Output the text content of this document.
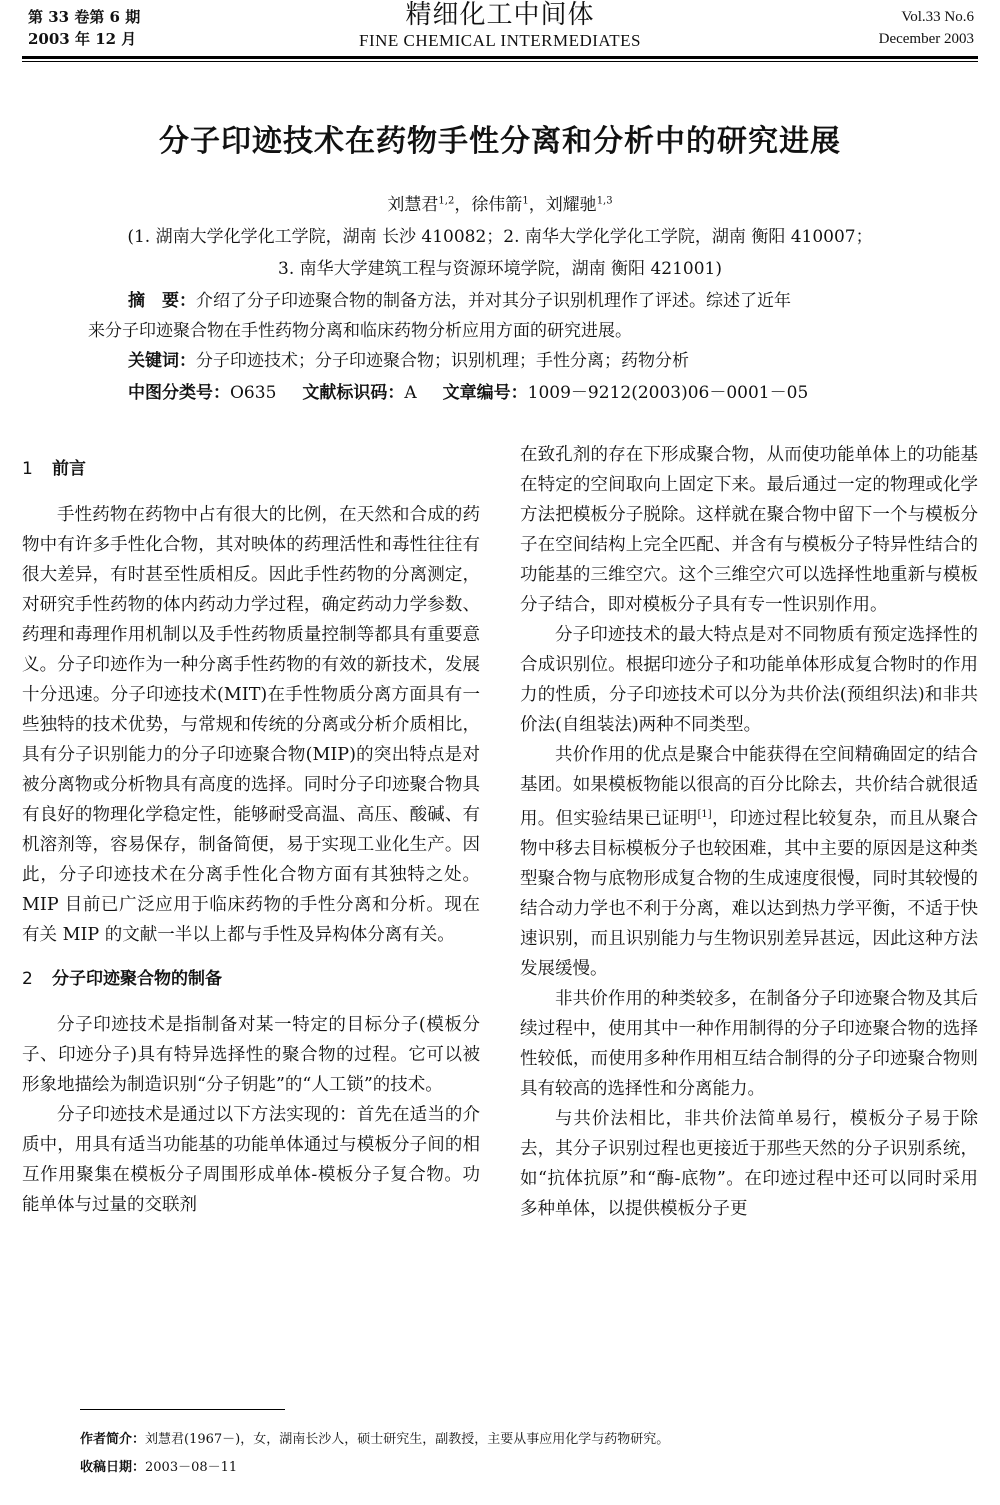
第 33 卷第 6 期
2003 年 12 月
精细化工中间体
FINE CHEMICAL INTERMEDIATES
Vol.33 No.6
December 2003
分子印迹技术在药物手性分离和分析中的研究进展
刘慧君$^{1,2}$，徐伟箭$^1$，刘耀驰$^{1,3}$
(1. 湖南大学化学化工学院，湖南 长沙 410082；2. 南华大学化学化工学院，湖南 衡阳 410007；
3. 南华大学建筑工程与资源环境学院，湖南 衡阳 421001)
摘　要：介绍了分子印迹聚合物的制备方法，并对其分子识别机理作了评述。综述了近年
来分子印迹聚合物在手性药物分离和临床药物分析应用方面的研究进展。
关键词：分子印迹技术；分子印迹聚合物；识别机理；手性分离；药物分析
中图分类号：O635 文献标识码：A 文章编号：1009－9212(2003)06－0001－05
1 前言

手性药物在药物中占有很大的比例，在天然和合成的药物中有许多手性化合物，其对映体的药理活性和毒性往往有很大差异，有时甚至性质相反。因此手性药物的分离测定，对研究手性药物的体内药动力学过程，确定药动力学参数、药理和毒理作用机制以及手性药物质量控制等都具有重要意义。分子印迹作为一种分离手性药物的有效的新技术，发展十分迅速。分子印迹技术(MIT)在手性物质分离方面具有一些独特的技术优势，与常规和传统的分离或分析介质相比，具有分子识别能力的分子印迹聚合物(MIP)的突出特点是对被分离物或分析物具有高度的选择。同时分子印迹聚合物具有良好的物理化学稳定性，能够耐受高温、高压、酸碱、有机溶剂等，容易保存，制备简便，易于实现工业化生产。因此，分子印迹技术在分离手性化合物方面有其独特之处。MIP 目前已广泛应用于临床药物的手性分离和分析。现在有关 MIP 的文献一半以上都与手性及异构体分离有关。

2 分子印迹聚合物的制备

分子印迹技术是指制备对某一特定的目标分子(模板分子、印迹分子)具有特异选择性的聚合物的过程。它可以被形象地描绘为制造识别“分子钥匙”的“人工锁”的技术。

分子印迹技术是通过以下方法实现的：首先在适当的介质中，用具有适当功能基的功能单体通过与模板分子间的相互作用聚集在模板分子周围形成单体-模板分子复合物。功能单体与过量的交联剂

在致孔剂的存在下形成聚合物，从而使功能单体上的功能基在特定的空间取向上固定下来。最后通过一定的物理或化学方法把模板分子脱除。这样就在聚合物中留下一个与模板分子在空间结构上完全匹配、并含有与模板分子特异性结合的功能基的三维空穴。这个三维空穴可以选择性地重新与模板分子结合，即对模板分子具有专一性识别作用。

分子印迹技术的最大特点是对不同物质有预定选择性的合成识别位。根据印迹分子和功能单体形成复合物时的作用力的性质，分子印迹技术可以分为共价法(预组织法)和非共价法(自组装法)两种不同类型。

共价作用的优点是聚合中能获得在空间精确固定的结合基团。如果模板物能以很高的百分比除去，共价结合就很适用。但实验结果已证明[1]，印迹过程比较复杂，而且从聚合物中移去目标模板分子也较困难，其中主要的原因是这种类型聚合物与底物形成复合物的生成速度很慢，同时其较慢的结合动力学也不利于分离，难以达到热力学平衡，不适于快速识别，而且识别能力与生物识别差异甚远，因此这种方法发展缓慢。

非共价作用的种类较多，在制备分子印迹聚合物及其后续过程中，使用其中一种作用制得的分子印迹聚合物的选择性较低，而使用多种作用相互结合制得的分子印迹聚合物则具有较高的选择性和分离能力。

与共价法相比，非共价法简单易行，模板分子易于除去，其分子识别过程也更接近于那些天然的分子识别系统，如“抗体抗原”和“酶-底物”。在印迹过程中还可以同时采用多种单体，以提供模板分子更

作者简介：刘慧君(1967－)，女，湖南长沙人，硕士研究生，副教授，主要从事应用化学与药物研究。
收稿日期：2003－08－11
